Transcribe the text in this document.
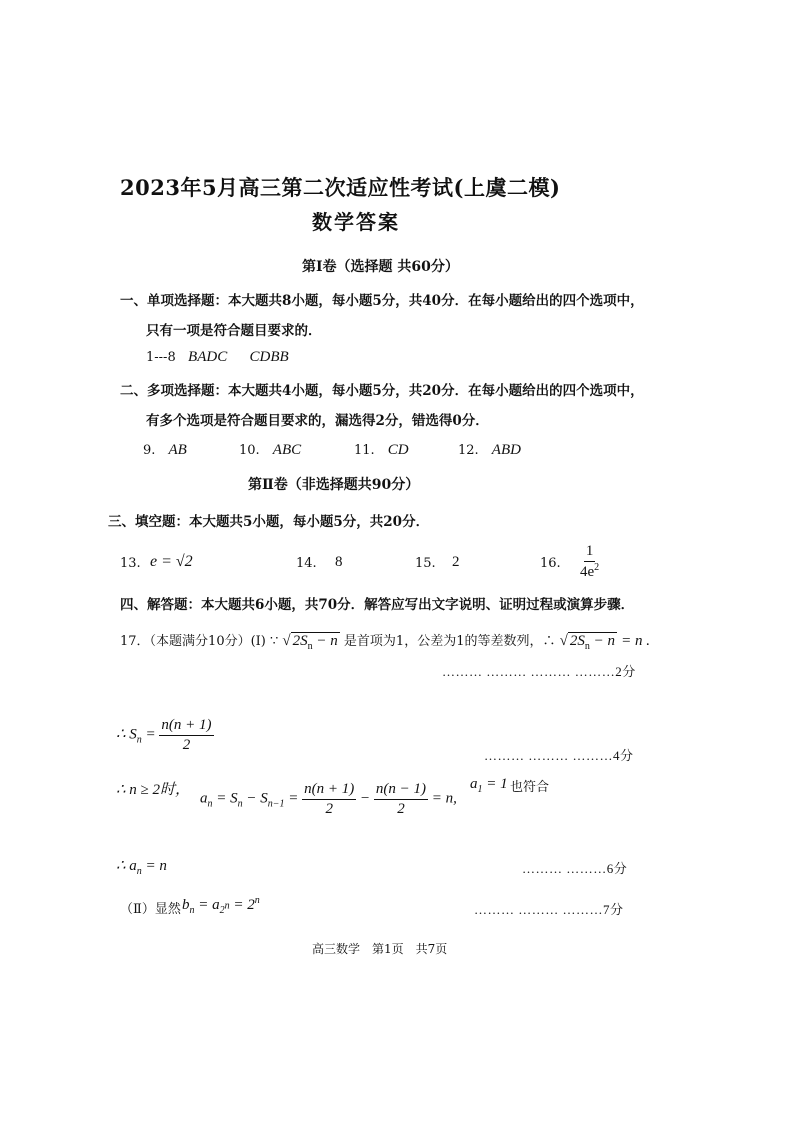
2023年5月高三第二次适应性考试(上虞二模)
数学答案
第Ⅰ卷（选择题 共60分）
一、单项选择题：本大题共8小题，每小题5分，共40分．在每小题给出的四个选项中，
只有一项是符合题目要求的．
1---8 BADC CDBB
二、多项选择题：本大题共4小题，每小题5分，共20分．在每小题给出的四个选项中，
有多个选项是符合题目要求的，漏选得2分，错选得0分．
9. AB	10. ABC	11. CD	12. ABD
第Ⅱ卷（非选择题共90分）
三、填空题：本大题共5小题，每小题5分，共20分．
13. e = √2	14. 8	15. 2	16. $\frac{1}{4e^2}$
四、解答题：本大题共6小题，共70分．解答应写出文字说明、证明过程或演算步骤．
17．（本题满分10分）(Ⅰ) ∵ √ $2S_n - n$ 是首项为1，公差为1的等差数列，∴ √ $2S_n - n = n$ .
……… ……… ……… ………2分
∴ $S_n = \frac{n(n + 1)}{2}$
……… ……… ………4分
∴ n ≥ 2时，
$a_n = S_n - S_{n-1} = \frac{n(n + 1)}{2} - \frac{n(n - 1)}{2} = n$,
$a_1 = 1$ 也符合
∴ $a_n = n$	……… ………6分
（Ⅱ）显然 $b_n = a_{2^n} = 2^n$
……… ……… ………7分
高三数学　第1页　共7页
